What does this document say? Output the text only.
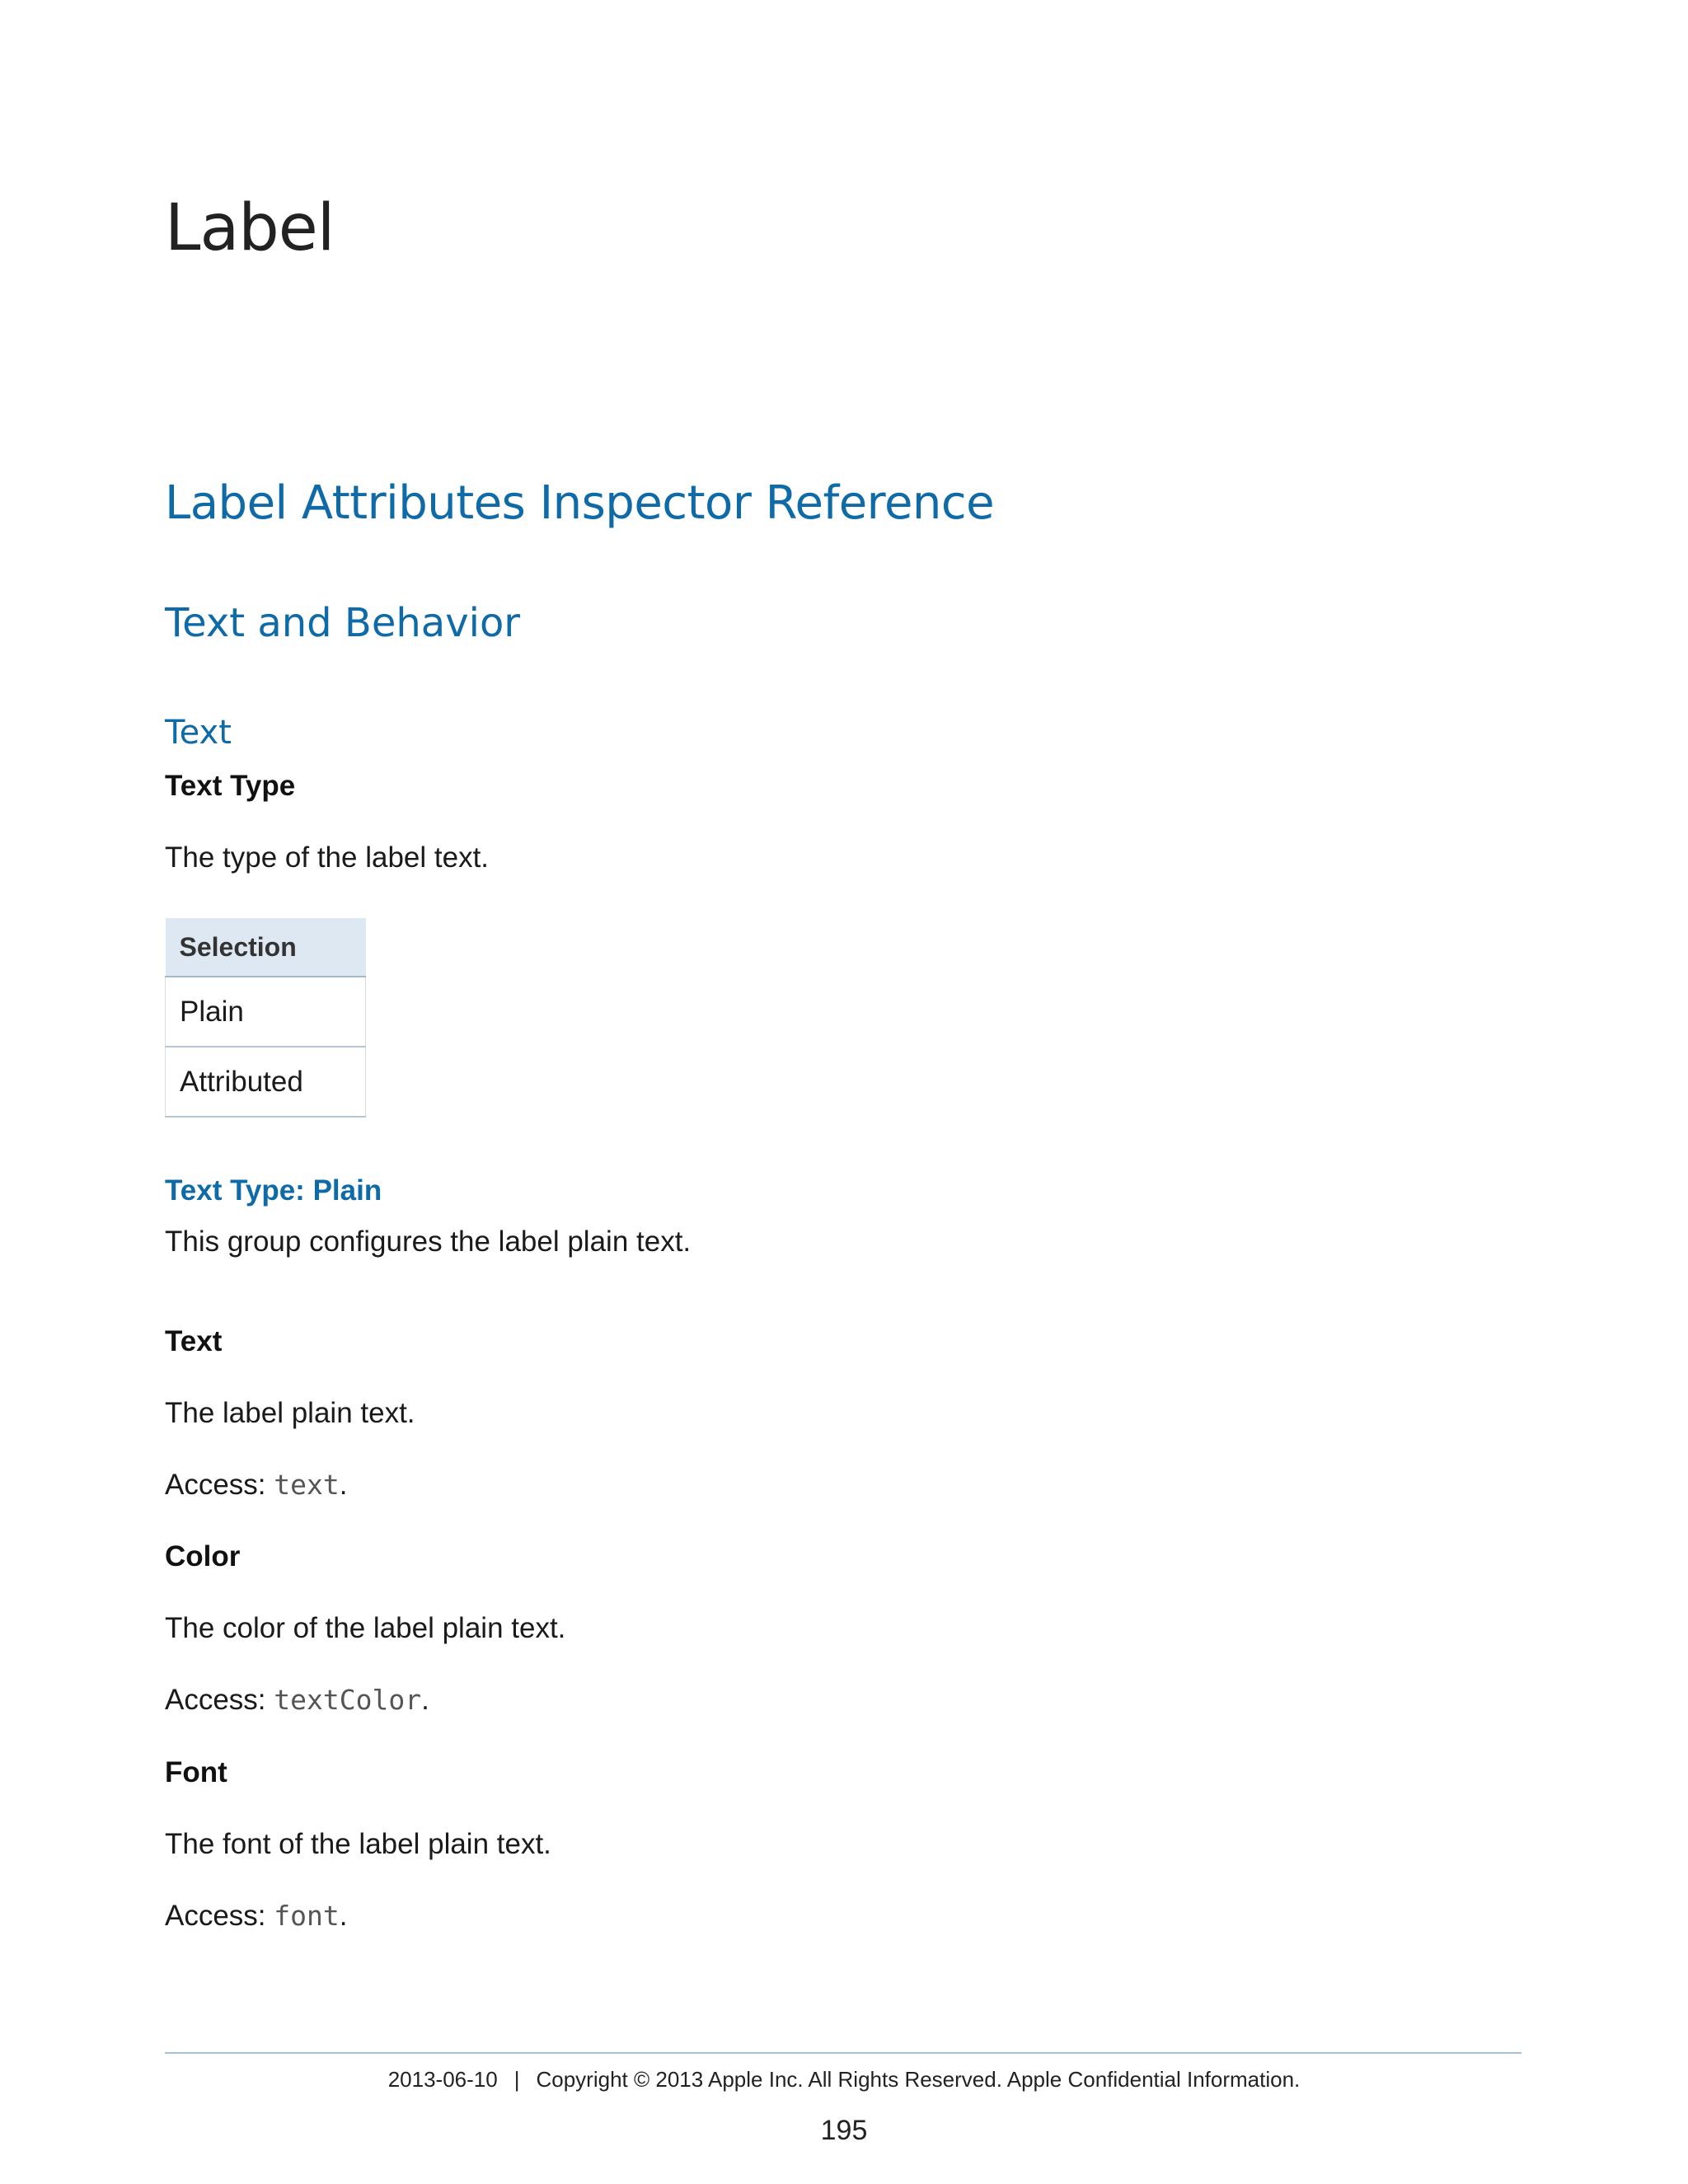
Label
Label Attributes Inspector Reference
Text and Behavior
Text
Text Type
The type of the label text.
Selection
Plain
Attributed
Text Type: Plain
This group configures the label plain text.
Text
The label plain text.
Access: text.
Color
The color of the label plain text.
Access: textColor.
Font
The font of the label plain text.
Access: font.
2013-06-10 | Copyright © 2013 Apple Inc. All Rights Reserved. Apple Confidential Information.
195
